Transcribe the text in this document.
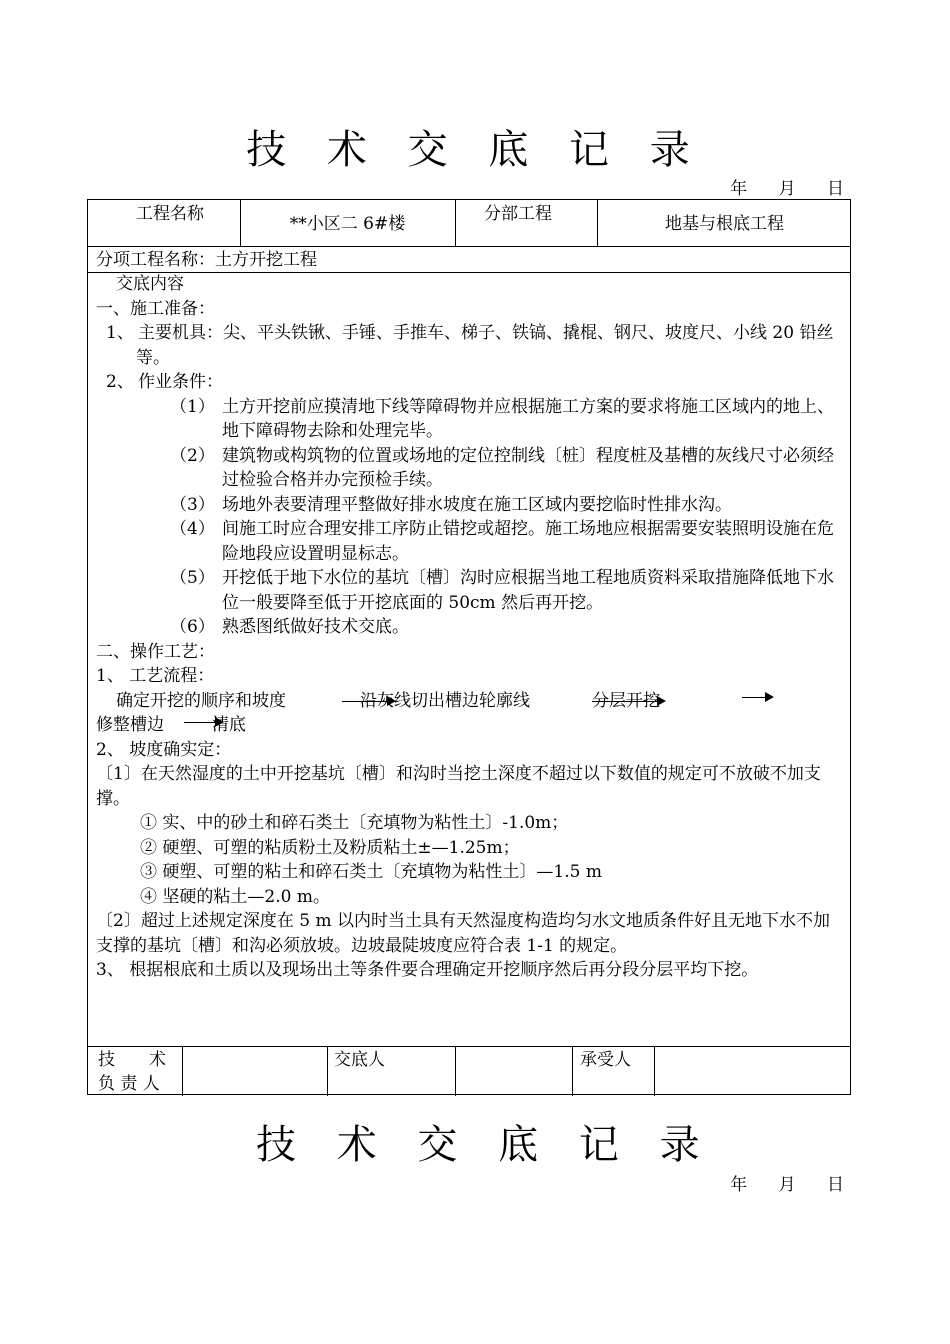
技 术 交 底 记 录
年 月 日
工程名称	**小区二 6#楼	分部工程	地基与根底工程
分项工程名称：土方开挖工程

交底内容

一、施工准备：

1、 主要机具：尖、平头铁锹、手锤、手推车、梯子、铁镐、撬棍、钢尺、坡度尺、小线 20 铅丝等。

2、 作业条件：

（1） 土方开挖前应摸清地下线等障碍物并应根据施工方案的要求将施工区域内的地上、地下障碍物去除和处理完毕。

（2） 建筑物或构筑物的位置或场地的定位控制线〔桩〕程度桩及基槽的灰线尺寸必须经过检验合格并办完预检手续。

（3） 场地外表要清理平整做好排水坡度在施工区域内要挖临时性排水沟。

（4） 间施工时应合理安排工序防止错挖或超挖。施工场地应根据需要安装照明设施在危险地段应设置明显标志。

（5） 开挖低于地下水位的基坑〔槽〕沟时应根据当地工程地质资料采取措施降低地下水位一般要降至低于开挖底面的 50cm 然后再开挖。

（6） 熟悉图纸做好技术交底。

二、操作工艺：

1、 工艺流程：

确定开挖的顺序和坡度	沿灰线切出槽边轮廓线	分层开挖
修整槽边	清底

2、 坡度确实定：

〔1〕在天然湿度的土中开挖基坑〔槽〕和沟时当挖土深度不超过以下数值的规定可不放破不加支撑。

① 实、中的砂土和碎石类土〔充填物为粘性土〕-1.0m；

② 硬塑、可塑的粘质粉土及粉质粘土±—1.25m；

③ 硬塑、可塑的粘土和碎石类土〔充填物为粘性土〕—1.5 m

④ 坚硬的粘土—2.0 m。

〔2〕超过上述规定深度在 5 m 以内时当土具有天然湿度构造均匀水文地质条件好且无地下水不加支撑的基坑〔槽〕和沟必须放坡。边坡最陡坡度应符合表 1-1 的规定。

3、 根据根底和土质以及现场出土等条件要合理确定开挖顺序然后再分段分层平均下挖。

技　　术
负 责 人
交底人	承受人
技 术 交 底 记 录
年 月 日
